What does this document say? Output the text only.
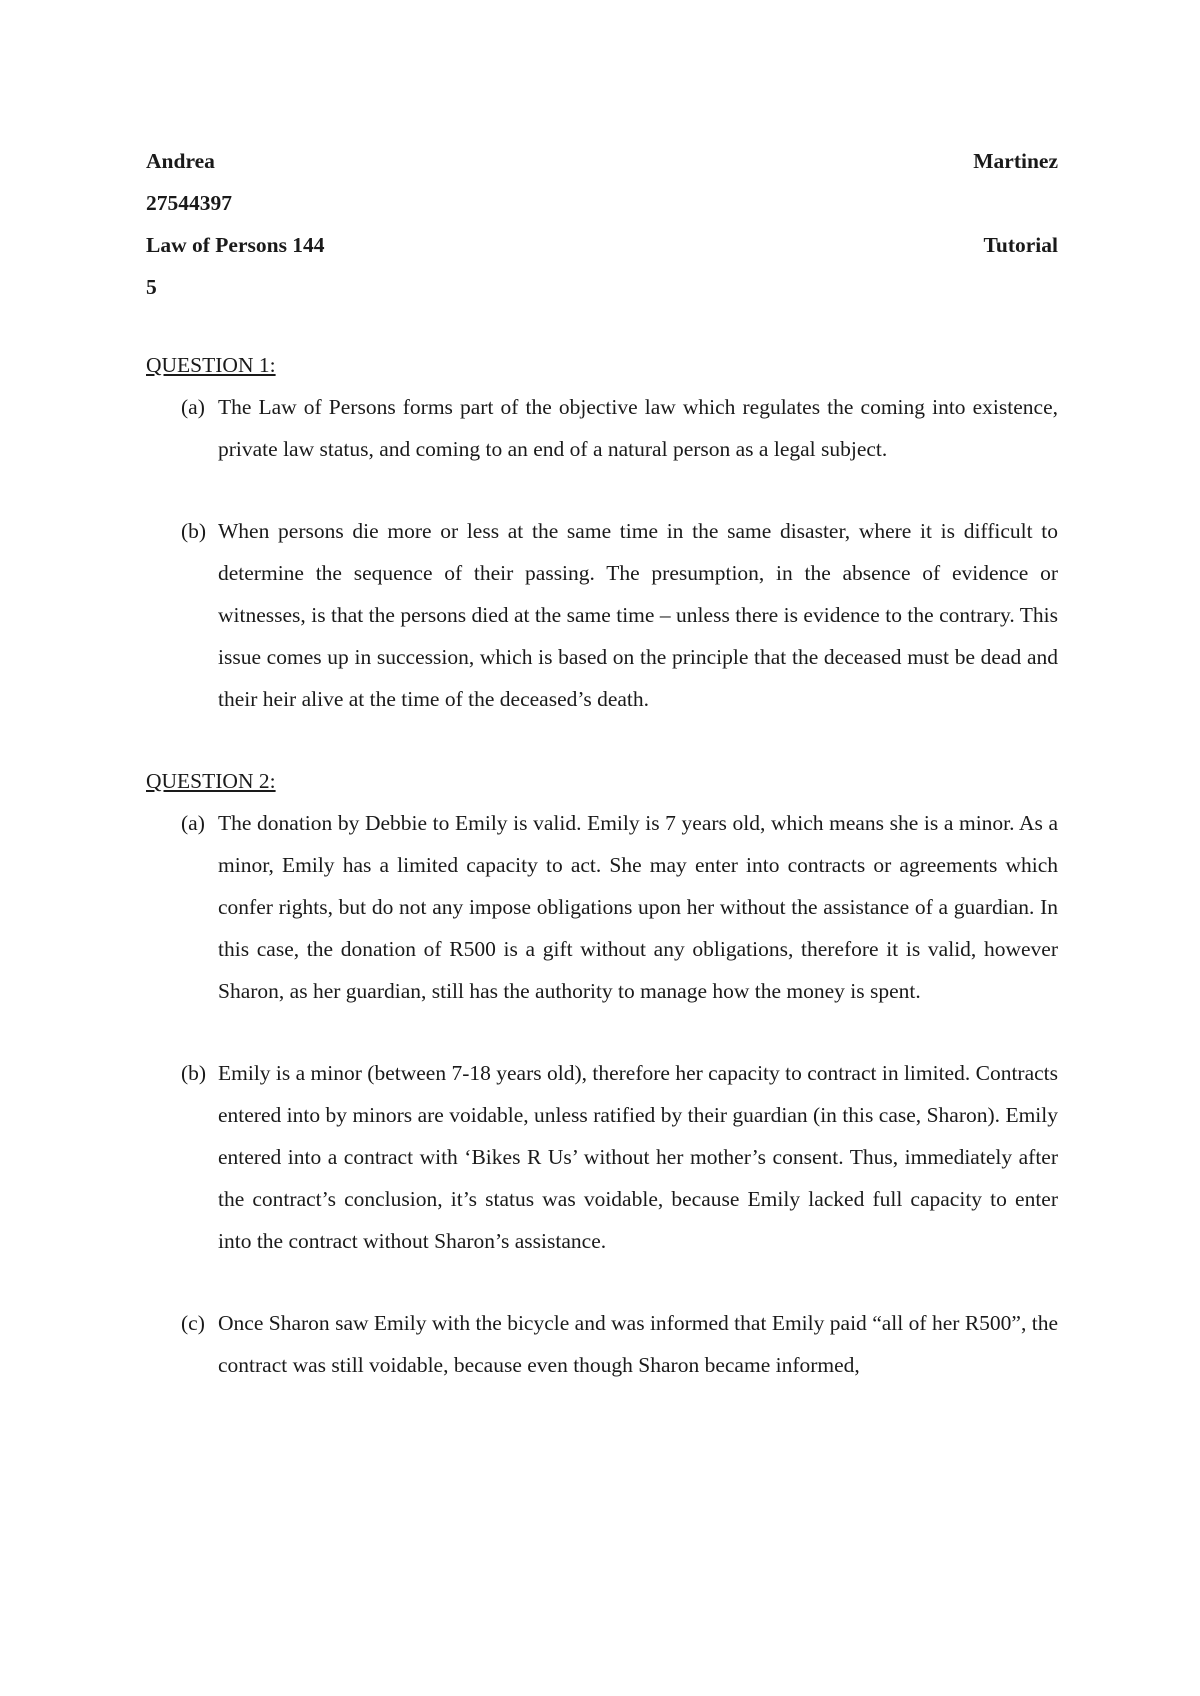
Andrea	Martinez
27544397
Law of Persons 144	Tutorial
5
QUESTION 1:
(a) The Law of Persons forms part of the objective law which regulates the coming into existence, private law status, and coming to an end of a natural person as a legal subject.
(b) When persons die more or less at the same time in the same disaster, where it is difficult to determine the sequence of their passing. The presumption, in the absence of evidence or witnesses, is that the persons died at the same time – unless there is evidence to the contrary. This issue comes up in succession, which is based on the principle that the deceased must be dead and their heir alive at the time of the deceased’s death.
QUESTION 2:
(a) The donation by Debbie to Emily is valid. Emily is 7 years old, which means she is a minor. As a minor, Emily has a limited capacity to act. She may enter into contracts or agreements which confer rights, but do not any impose obligations upon her without the assistance of a guardian. In this case, the donation of R500 is a gift without any obligations, therefore it is valid, however Sharon, as her guardian, still has the authority to manage how the money is spent.
(b) Emily is a minor (between 7-18 years old), therefore her capacity to contract in limited. Contracts entered into by minors are voidable, unless ratified by their guardian (in this case, Sharon). Emily entered into a contract with ‘Bikes R Us’ without her mother’s consent. Thus, immediately after the contract’s conclusion, it’s status was voidable, because Emily lacked full capacity to enter into the contract without Sharon’s assistance.
(c) Once Sharon saw Emily with the bicycle and was informed that Emily paid “all of her R500”, the contract was still voidable, because even though Sharon became informed,
